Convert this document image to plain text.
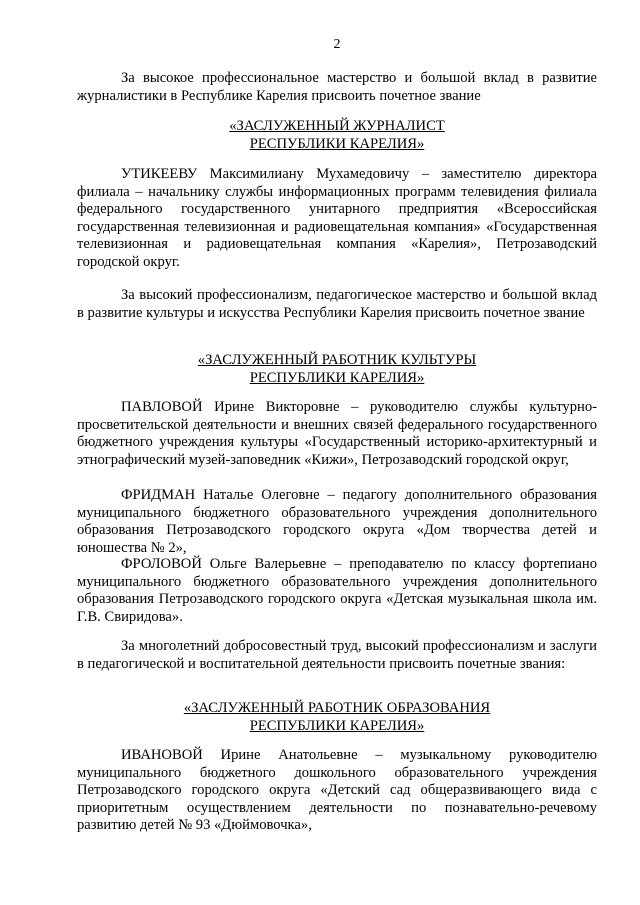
2
За высокое профессиональное мастерство и большой вклад в развитие журналистики в Республике Карелия присвоить почетное звание
«ЗАСЛУЖЕННЫЙ ЖУРНАЛИСТ
РЕСПУБЛИКИ КАРЕЛИЯ»
УТИКЕЕВУ Максимилиану Мухамедовичу – заместителю директора филиала – начальнику службы информационных программ телевидения филиала федерального государственного унитарного предприятия «Всероссийская государственная телевизионная и радиовещательная компания» «Государственная телевизионная и радиовещательная компания «Карелия», Петрозаводский городской округ.
За высокий профессионализм, педагогическое мастерство и большой вклад в развитие культуры и искусства Республики Карелия присвоить почетное звание
«ЗАСЛУЖЕННЫЙ РАБОТНИК КУЛЬТУРЫ
РЕСПУБЛИКИ КАРЕЛИЯ»
ПАВЛОВОЙ Ирине Викторовне – руководителю службы культурно-просветительской деятельности и внешних связей федерального государственного бюджетного учреждения культуры «Государственный историко-архитектурный и этнографический музей-заповедник «Кижи», Петрозаводский городской округ,
ФРИДМАН Наталье Олеговне – педагогу дополнительного образования муниципального бюджетного образовательного учреждения дополнительного образования Петрозаводского городского округа «Дом творчества детей и юношества № 2»,
ФРОЛОВОЙ Ольге Валерьевне – преподавателю по классу фортепиано муниципального бюджетного образовательного учреждения дополнительного образования Петрозаводского городского округа «Детская музыкальная школа им. Г.В. Свиридова».
За многолетний добросовестный труд, высокий профессионализм и заслуги в педагогической и воспитательной деятельности присвоить почетные звания:
«ЗАСЛУЖЕННЫЙ РАБОТНИК ОБРАЗОВАНИЯ
РЕСПУБЛИКИ КАРЕЛИЯ»
ИВАНОВОЙ Ирине Анатольевне – музыкальному руководителю муниципального бюджетного дошкольного образовательного учреждения Петрозаводского городского округа «Детский сад общеразвивающего вида с приоритетным осуществлением деятельности по познавательно-речевому развитию детей № 93 «Дюймовочка»,
